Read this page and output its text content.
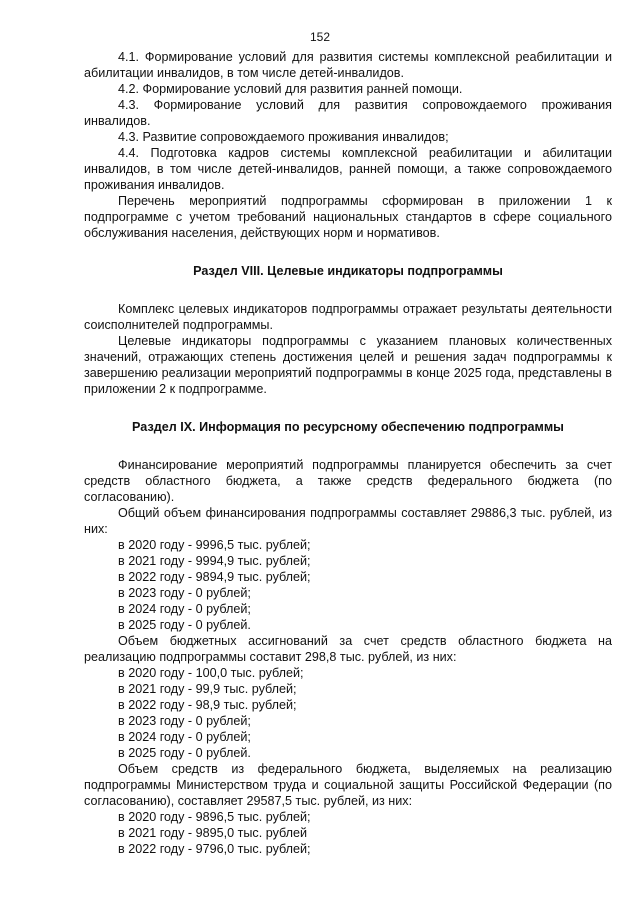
152

4.1. Формирование условий для развития системы комплексной реабилитации и абилитации инвалидов, в том числе детей-инвалидов.

4.2. Формирование условий для развития ранней помощи.

4.3. Формирование условий для развития сопровождаемого проживания инвалидов.

4.3. Развитие сопровождаемого проживания инвалидов;

4.4. Подготовка кадров системы комплексной реабилитации и абилитации инвалидов, в том числе детей-инвалидов, ранней помощи, а также сопровождаемого проживания инвалидов.

Перечень мероприятий подпрограммы сформирован в приложении 1 к подпрограмме с учетом требований национальных стандартов в сфере социального обслуживания населения, действующих норм и нормативов.

Раздел VIII. Целевые индикаторы подпрограммы

Комплекс целевых индикаторов подпрограммы отражает результаты деятельности соисполнителей подпрограммы.

Целевые индикаторы подпрограммы с указанием плановых количественных значений, отражающих степень достижения целей и решения задач подпрограммы к завершению реализации мероприятий подпрограммы в конце 2025 года, представлены в приложении 2 к подпрограмме.

Раздел IX. Информация по ресурсному обеспечению подпрограммы

Финансирование мероприятий подпрограммы планируется обеспечить за счет средств областного бюджета, а также средств федерального бюджета (по согласованию).

Общий объем финансирования подпрограммы составляет 29886,3 тыс. рублей, из них:

в 2020 году - 9996,5 тыс. рублей;

в 2021 году - 9994,9 тыс. рублей;

в 2022 году - 9894,9 тыс. рублей;

в 2023 году - 0 рублей;

в 2024 году - 0 рублей;

в 2025 году - 0 рублей.

Объем бюджетных ассигнований за счет средств областного бюджета на реализацию подпрограммы составит 298,8 тыс. рублей, из них:

в 2020 году - 100,0 тыс. рублей;

в 2021 году - 99,9 тыс. рублей;

в 2022 году - 98,9 тыс. рублей;

в 2023 году - 0 рублей;

в 2024 году - 0 рублей;

в 2025 году - 0 рублей.

Объем средств из федерального бюджета, выделяемых на реализацию подпрограммы Министерством труда и социальной защиты Российской Федерации (по согласованию), составляет 29587,5 тыс. рублей, из них:

в 2020 году - 9896,5 тыс. рублей;

в 2021 году - 9895,0 тыс. рублей

в 2022 году - 9796,0 тыс. рублей;
